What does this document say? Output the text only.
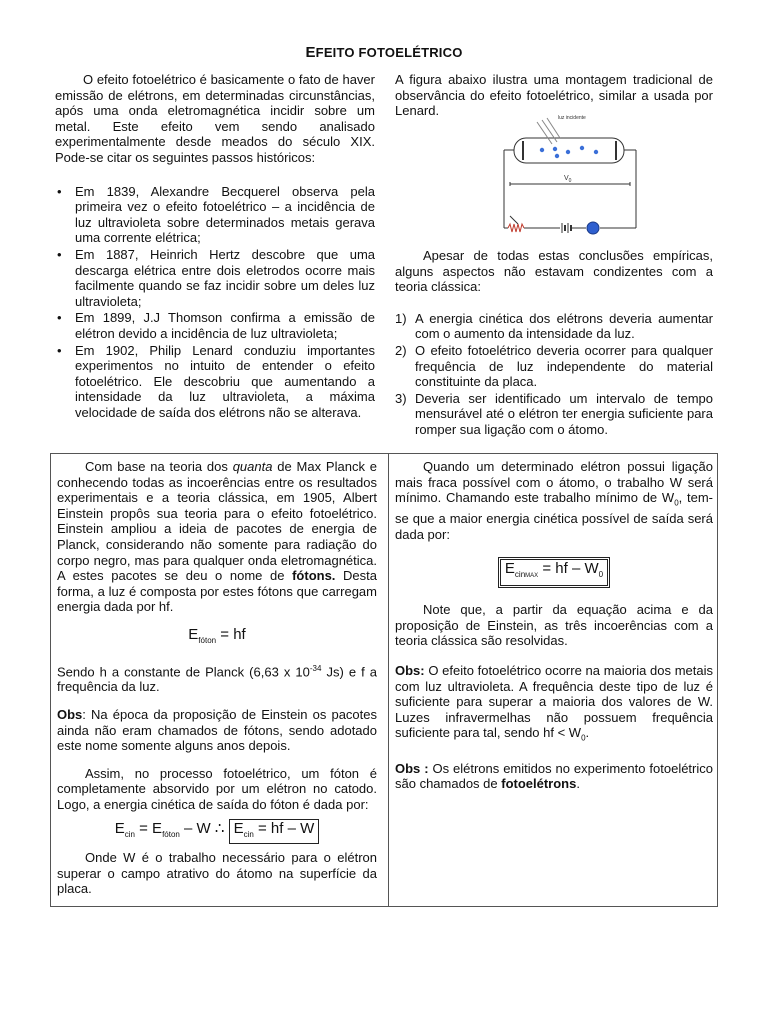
EFEITO FOTOELÉTRICO

O efeito fotoelétrico é basicamente o fato de haver emissão de elétrons, em determinadas circunstâncias, após uma onda eletromagnética incidir sobre um metal. Este efeito vem sendo analisado experimentalmente desde meados do século XIX. Pode-se citar os seguintes passos históricos:

• Em 1839, Alexandre Becquerel observa pela primeira vez o efeito fotoelétrico – a incidência de luz ultravioleta sobre determinados metais gerava uma corrente elétrica;
• Em 1887, Heinrich Hertz descobre que uma descarga elétrica entre dois eletrodos ocorre mais facilmente quando se faz incidir sobre um deles luz ultravioleta;
• Em 1899, J.J Thomson confirma a emissão de elétron devido a incidência de luz ultravioleta;
• Em 1902, Philip Lenard conduziu importantes experimentos no intuito de entender o efeito fotoelétrico. Ele descobriu que aumentando a intensidade da luz ultravioleta, a máxima velocidade de saída dos elétrons não se alterava.

A figura abaixo ilustra uma montagem tradicional de observância do efeito fotoelétrico, similar a usada por Lenard.	luz incidente
$V_0$

Apesar de todas estas conclusões empíricas, alguns aspectos não estavam condizentes com a teoria clássica:

1) A energia cinética dos elétrons deveria aumentar com o aumento da intensidade da luz.
2) O efeito fotoelétrico deveria ocorrer para qualquer frequência de luz independente do material constituinte da placa.
3) Deveria ser identificado um intervalo de tempo mensurável até o elétron ter energia suficiente para romper sua ligação com o átomo.

Com base na teoria dos quanta de Max Planck e conhecendo todas as incoerências entre os resultados experimentais e a teoria clássica, em 1905, Albert Einstein propôs sua teoria para o efeito fotoelétrico. Einstein ampliou a ideia de pacotes de energia de Planck, considerando não somente para radiação do corpo negro, mas para qualquer onda eletromagnética. A estes pacotes se deu o nome de fótons. Desta forma, a luz é composta por estes fótons que carregam energia dada por hf.

$E_{fóton}$ = hf

Sendo h a constante de Planck (6,63 x $10^{-34}$ Js) e f a frequência da luz.

Obs: Na época da proposição de Einstein os pacotes ainda não eram chamados de fótons, sendo adotado este nome somente alguns anos depois.

Assim, no processo fotoelétrico, um fóton é completamente absorvido por um elétron no catodo. Logo, a energia cinética de saída do fóton é dada por:

$E_{cin} = E_{fóton} - W$ ∴ $E_{cin}$ = hf – W

Onde W é o trabalho necessário para o elétron superar o campo atrativo do átomo na superfície da placa.

Quando um determinado elétron possui ligação mais fraca possível com o átomo, o trabalho W será mínimo. Chamando este trabalho mínimo de $W_0$, tem-se que a maior energia cinética possível de saída será dada por:

$E_{cinMAX}$ = hf – $W_0$

Note que, a partir da equação acima e da proposição de Einstein, as três incoerências com a teoria clássica são resolvidas.

Obs: O efeito fotoelétrico ocorre na maioria dos metais com luz ultravioleta. A frequência deste tipo de luz é suficiente para superar a maioria dos valores de W. Luzes infravermelhas não possuem frequência suficiente para tal, sendo hf < $W_0$.

Obs : Os elétrons emitidos no experimento fotoelétrico são chamados de fotoelétrons.
